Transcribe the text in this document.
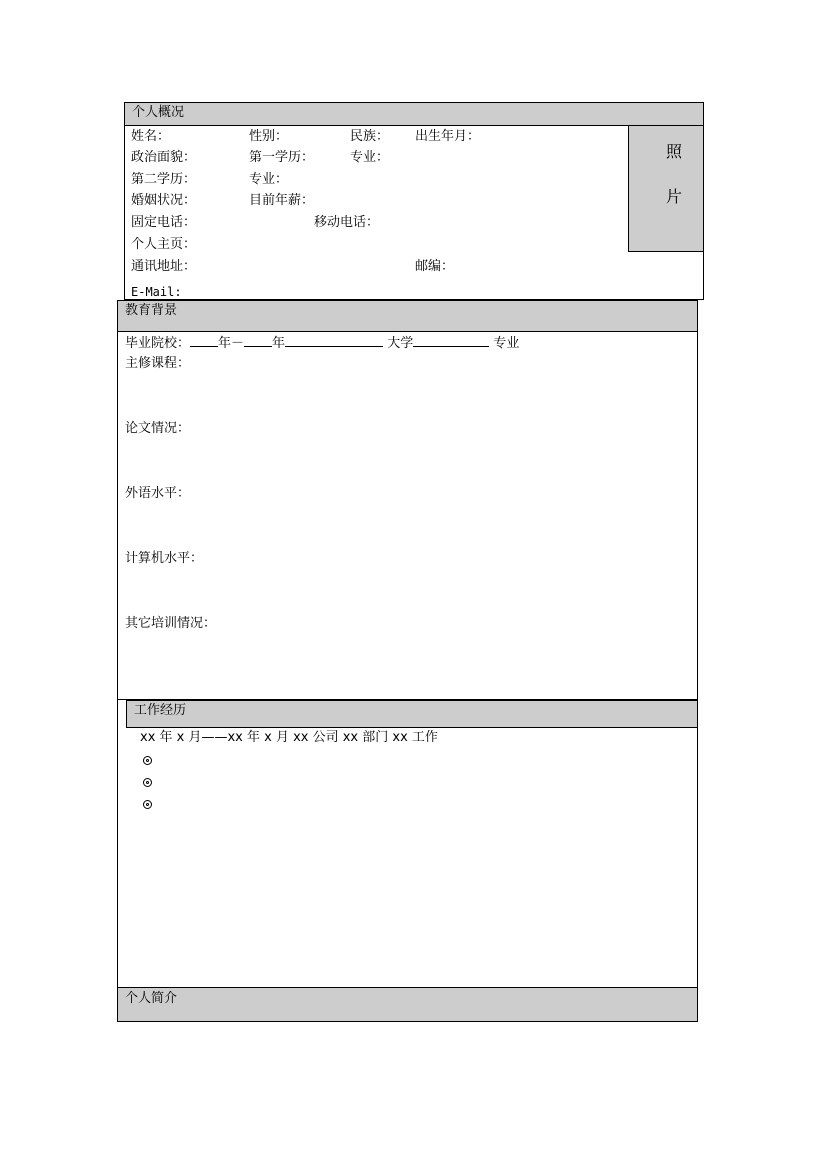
个人概况
照
片
姓名：	性别：	民族： 出生年月：
政治面貌：	第一学历：	专业：
第二学历：	专业：
婚姻状况：	目前年薪：
固定电话：	移动电话：
个人主页：
通讯地址：	邮编：
E-Mail:
教育背景
毕业院校： 年－ 年	大学	专业
主修课程：
论文情况：
外语水平：
计算机水平：
其它培训情况：
工作经历
xx 年 x 月——xx 年 x 月 xx 公司 xx 部门 xx 工作
个人简介
